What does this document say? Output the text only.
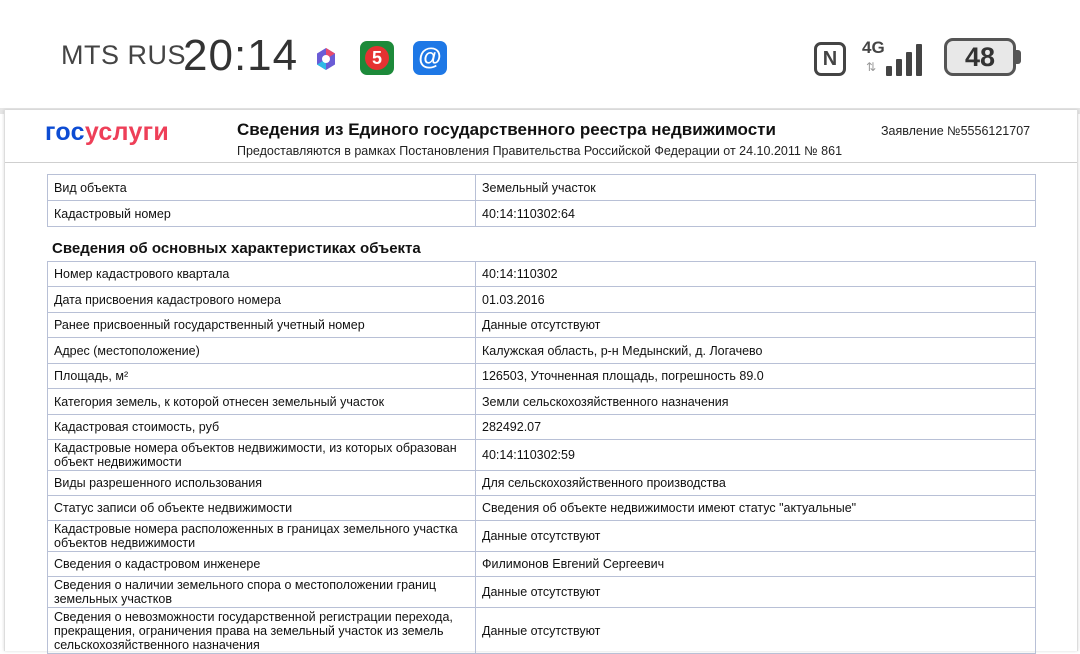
MTS RUS
20:14	5 @	N
4G
⇅	48
госуслуги	Сведения из Единого государственного реестра недвижимости
Предоставляются в рамках Постановления Правительства Российской Федерации от 24.10.2011 № 861
Заявление №5556121707
Вид объекта	Земельный участок
Кадастровый номер	40:14:110302:64
Сведения об основных характеристиках объекта
Номер кадастрового квартала	40:14:110302
Дата присвоения кадастрового номера	01.03.2016
Ранее присвоенный государственный учетный номер	Данные отсутствуют
Адрес (местоположение)	Калужская область, р-н Медынский, д. Логачево
Площадь, м²	126503, Уточненная площадь, погрешность 89.0
Категория земель, к которой отнесен земельный участок	Земли сельскохозяйственного назначения
Кадастровая стоимость, руб	282492.07
Кадастровые номера объектов недвижимости, из которых образован объект недвижимости	40:14:110302:59
Виды разрешенного использования	Для сельскохозяйственного производства
Статус записи об объекте недвижимости	Сведения об объекте недвижимости имеют статус "актуальные"
Кадастровые номера расположенных в границах земельного участка объектов недвижимости	Данные отсутствуют
Сведения о кадастровом инженере	Филимонов Евгений Сергеевич
Сведения о наличии земельного спора о местоположении границ земельных участков	Данные отсутствуют
Сведения о невозможности государственной регистрации перехода, прекращения, ограничения права на земельный участок из земель сельскохозяйственного назначения	Данные отсутствуют
